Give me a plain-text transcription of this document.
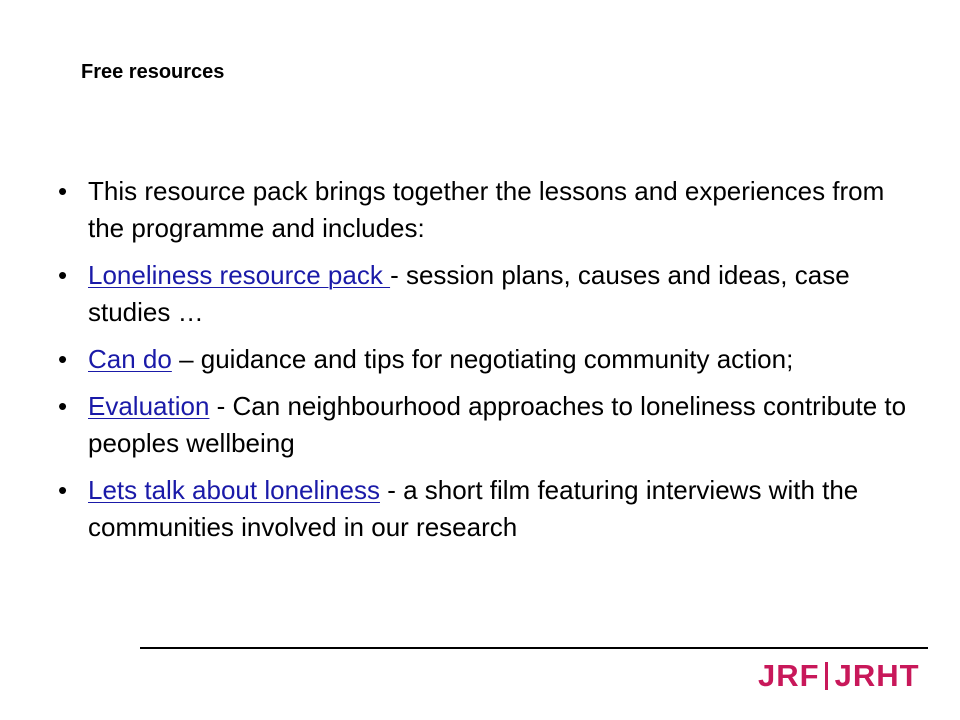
Free resources
• This resource pack brings together the lessons and experiences from the programme and includes:
• Loneliness resource pack - session plans, causes and ideas, case studies …
• Can do – guidance and tips for negotiating community action;
• Evaluation - Can neighbourhood approaches to loneliness contribute to peoples wellbeing
• Lets talk about loneliness - a short film featuring interviews with the communities involved in our research
JRF JRHT
